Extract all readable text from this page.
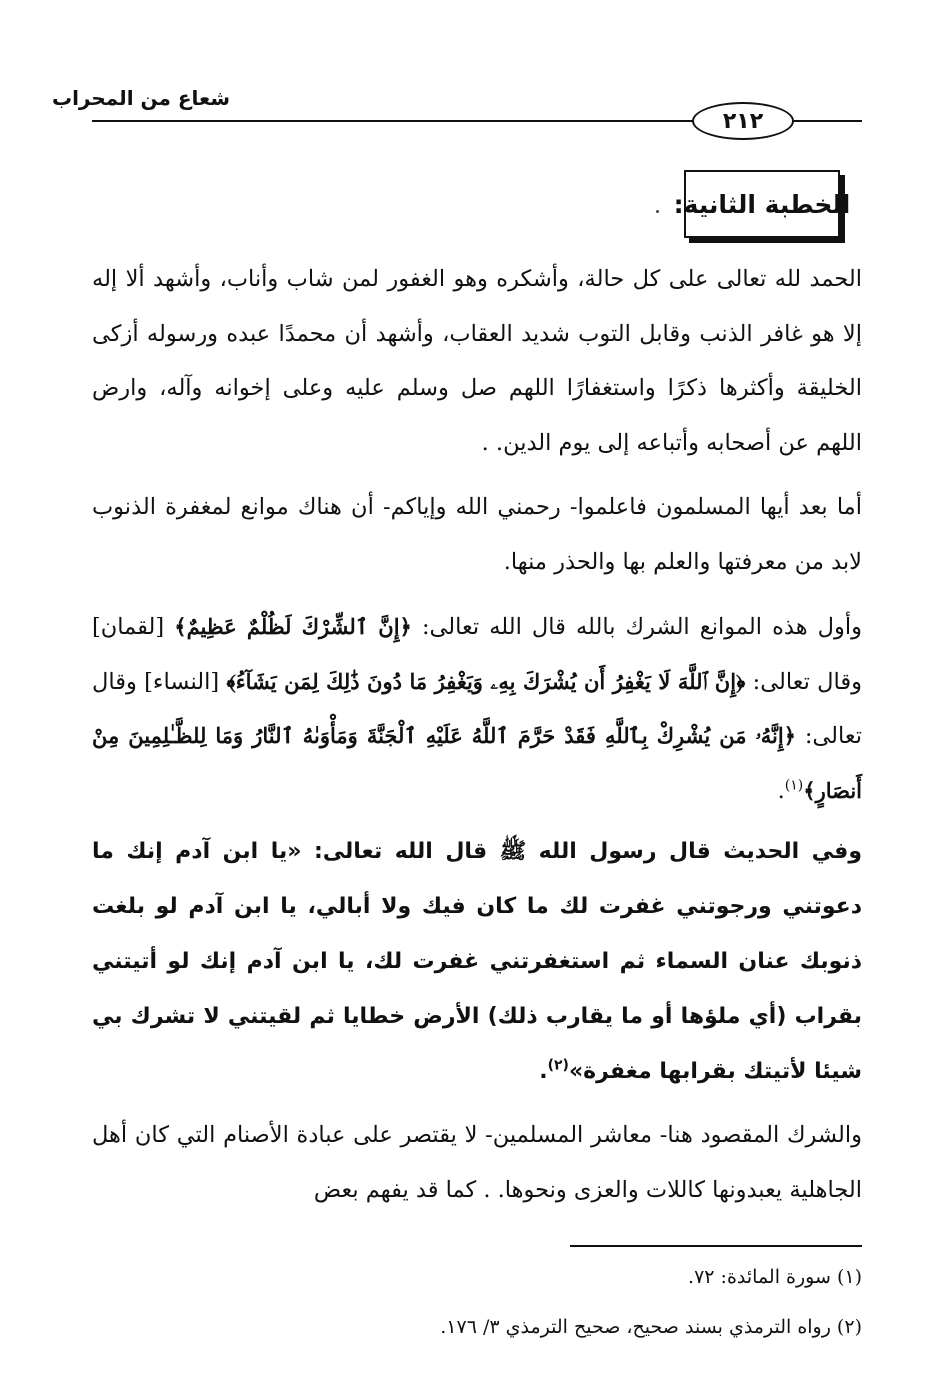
شعاع من المحراب
٢١٢
الخطبة الثانية:
الحمد لله تعالى على كل حالة، وأشكره وهو الغفور لمن شاب وأناب، وأشهد ألا إله إلا هو غافر الذنب وقابل التوب شديد العقاب، وأشهد أن محمدًا عبده ورسوله أزكى الخليقة وأكثرها ذكرًا واستغفارًا اللهم صل وسلم عليه وعلى إخوانه وآله، وارض اللهم عن أصحابه وأتباعه إلى يوم الدين. .
أما بعد أيها المسلمون فاعلموا- رحمني الله وإياكم- أن هناك موانع لمغفرة الذنوب لابد من معرفتها والعلم بها والحذر منها.
وأول هذه الموانع الشرك بالله قال الله تعالى: ﴿إِنَّ ٱلشِّرْكَ لَظُلْمٌ عَظِيمٌ﴾ [لقمان] وقال تعالى: ﴿إِنَّ ٱللَّهَ لَا يَغْفِرُ أَن يُشْرَكَ بِهِۦ وَيَغْفِرُ مَا دُونَ ذَٰلِكَ لِمَن يَشَآءُ﴾ [النساء] وقال تعالى: ﴿إِنَّهُۥ مَن يُشْرِكْ بِٱللَّهِ فَقَدْ حَرَّمَ ٱللَّهُ عَلَيْهِ ٱلْجَنَّةَ وَمَأْوَىٰهُ ٱلنَّارُ وَمَا لِلظَّـٰلِمِينَ مِنْ أَنصَارٍ﴾$^{(١)}$.
وفي الحديث قال رسول الله ﷺ قال الله تعالى: «يا ابن آدم إنك ما دعوتني ورجوتني غفرت لك ما كان فيك ولا أبالي، يا ابن آدم لو بلغت ذنوبك عنان السماء ثم استغفرتني غفرت لك، يا ابن آدم إنك لو أتيتني بقراب (أي ملؤها أو ما يقارب ذلك) الأرض خطايا ثم لقيتني لا تشرك بي شيئا لأتيتك بقرابها مغفرة»$^{(٢)}$.
والشرك المقصود هنا- معاشر المسلمين- لا يقتصر على عبادة الأصنام التي كان أهل الجاهلية يعبدونها كاللات والعزى ونحوها. . كما قد يفهم بعض
(١) سورة المائدة: ٧٢.
(٢) رواه الترمذي بسند صحيح، صحيح الترمذي ٣/ ١٧٦.
